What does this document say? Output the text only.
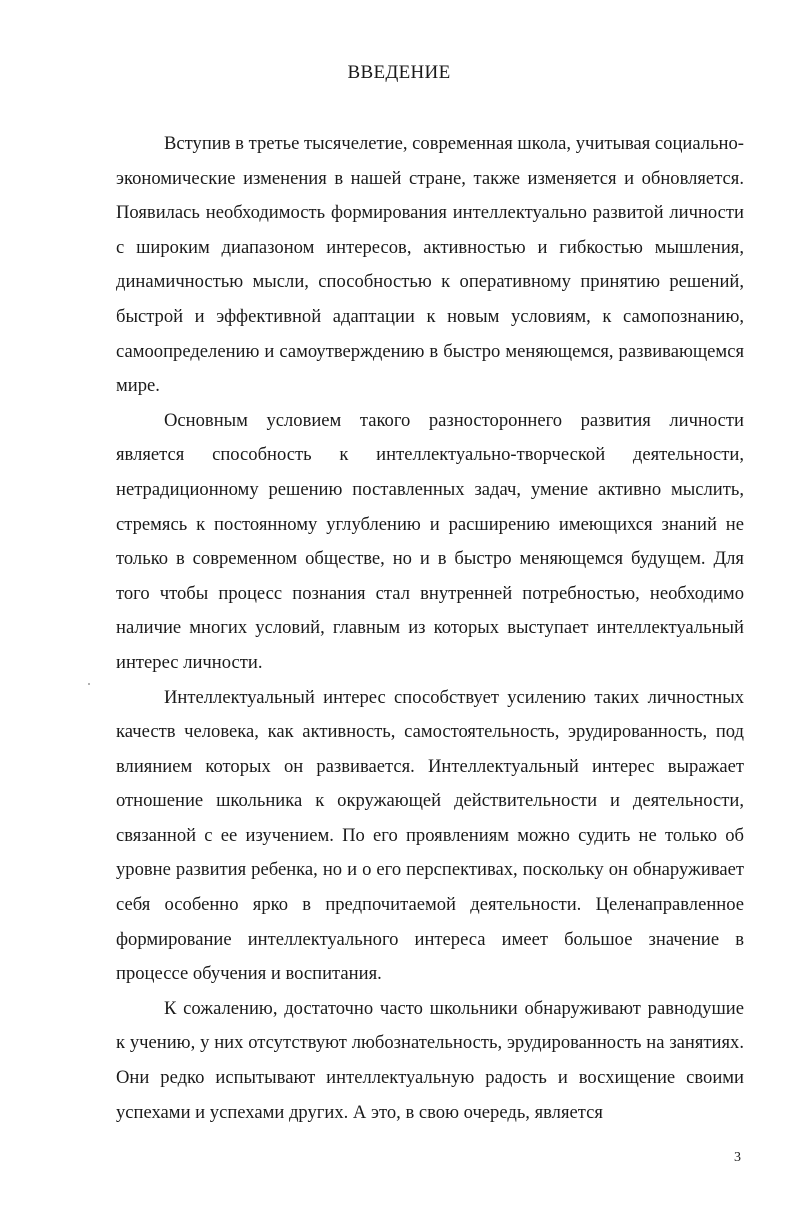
ВВЕДЕНИЕ

Вступив в третье тысячелетие, современная школа, учитывая социально-экономические изменения в нашей стране, также изменяется и обновляется. Появилась необходимость формирования интеллектуально развитой личности с широким диапазоном интересов, активностью и гибкостью мышления, динамичностью мысли, способностью к оперативному принятию решений, быстрой и эффективной адаптации к новым условиям, к самопознанию, самоопределению и самоутверждению в быстро меняющемся, развивающемся мире.

Основным условием такого разностороннего развития личности является способность к интеллектуально-творческой деятельности, нетрадиционному решению поставленных задач, умение активно мыслить, стремясь к постоянному углублению и расширению имеющихся знаний не только в современном обществе, но и в быстро меняющемся будущем. Для того чтобы процесс познания стал внутренней потребностью, необходимо наличие многих условий, главным из которых выступает интеллектуальный интерес личности.

Интеллектуальный интерес способствует усилению таких личностных качеств человека, как активность, самостоятельность, эрудированность, под влиянием которых он развивается. Интеллектуальный интерес выражает отношение школьника к окружающей действительности и деятельности, связанной с ее изучением. По его проявлениям можно судить не только об уровне развития ребенка, но и о его перспективах, поскольку он обнаруживает себя особенно ярко в предпочитаемой деятельности. Целенаправленное формирование интеллектуального интереса имеет большое значение в процессе обучения и воспитания.

К сожалению, достаточно часто школьники обнаруживают равнодушие к учению, у них отсутствуют любознательность, эрудированность на занятиях. Они редко испытывают интеллектуальную радость и восхищение своими успехами и успехами других. А это, в свою очередь, является

3
